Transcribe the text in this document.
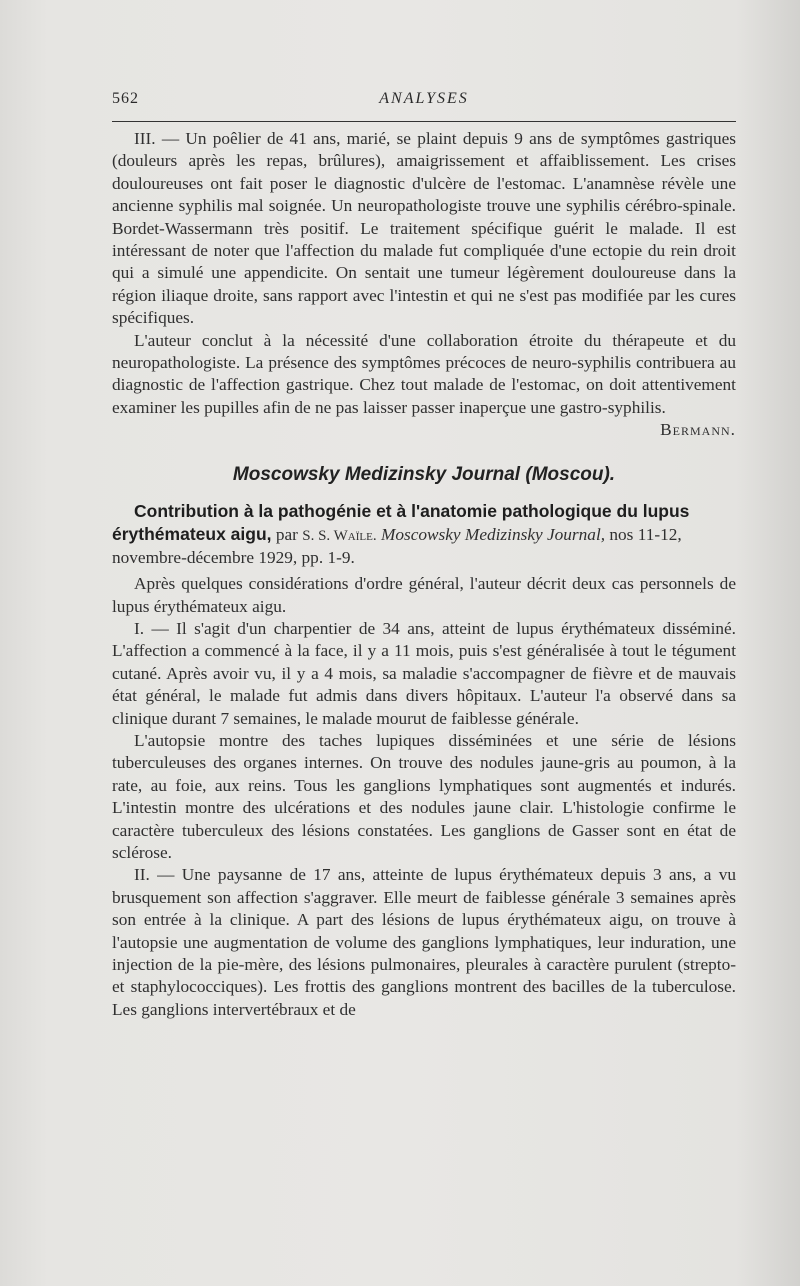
562	ANALYSES

III. — Un poêlier de 41 ans, marié, se plaint depuis 9 ans de symptômes gastriques (douleurs après les repas, brûlures), amaigrissement et affaiblissement. Les crises douloureuses ont fait poser le diagnostic d'ulcère de l'estomac. L'anamnèse révèle une ancienne syphilis mal soignée. Un neuropathologiste trouve une syphilis cérébro-spinale. Bordet-Wassermann très positif. Le traitement spécifique guérit le malade. Il est intéressant de noter que l'affection du malade fut compliquée d'une ectopie du rein droit qui a simulé une appendicite. On sentait une tumeur légèrement douloureuse dans la région iliaque droite, sans rapport avec l'intestin et qui ne s'est pas modifiée par les cures spécifiques.

L'auteur conclut à la nécessité d'une collaboration étroite du thérapeute et du neuropathologiste. La présence des symptômes précoces de neuro-syphilis contribuera au diagnostic de l'affection gastrique. Chez tout malade de l'estomac, on doit attentivement examiner les pupilles afin de ne pas laisser passer inaperçue une gastro-syphilis.

Bermann.

Moscowsky Medizinsky Journal (Moscou).

Contribution à la pathogénie et à l'anatomie pathologique du lupus érythémateux aigu, par S. S. Waïle. Moscowsky Medizinsky Journal, nos 11-12, novembre-décembre 1929, pp. 1-9.

Après quelques considérations d'ordre général, l'auteur décrit deux cas personnels de lupus érythémateux aigu.

I. — Il s'agit d'un charpentier de 34 ans, atteint de lupus érythémateux disséminé. L'affection a commencé à la face, il y a 11 mois, puis s'est généralisée à tout le tégument cutané. Après avoir vu, il y a 4 mois, sa maladie s'accompagner de fièvre et de mauvais état général, le malade fut admis dans divers hôpitaux. L'auteur l'a observé dans sa clinique durant 7 semaines, le malade mourut de faiblesse générale.

L'autopsie montre des taches lupiques disséminées et une série de lésions tuberculeuses des organes internes. On trouve des nodules jaune-gris au poumon, à la rate, au foie, aux reins. Tous les ganglions lymphatiques sont augmentés et indurés. L'intestin montre des ulcérations et des nodules jaune clair. L'histologie confirme le caractère tuberculeux des lésions constatées. Les ganglions de Gasser sont en état de sclérose.

II. — Une paysanne de 17 ans, atteinte de lupus érythémateux depuis 3 ans, a vu brusquement son affection s'aggraver. Elle meurt de faiblesse générale 3 semaines après son entrée à la clinique. A part des lésions de lupus érythémateux aigu, on trouve à l'autopsie une augmentation de volume des ganglions lymphatiques, leur induration, une injection de la pie-mère, des lésions pulmonaires, pleurales à caractère purulent (strepto- et staphylococciques). Les frottis des ganglions montrent des bacilles de la tuberculose. Les ganglions intervertébraux et de
